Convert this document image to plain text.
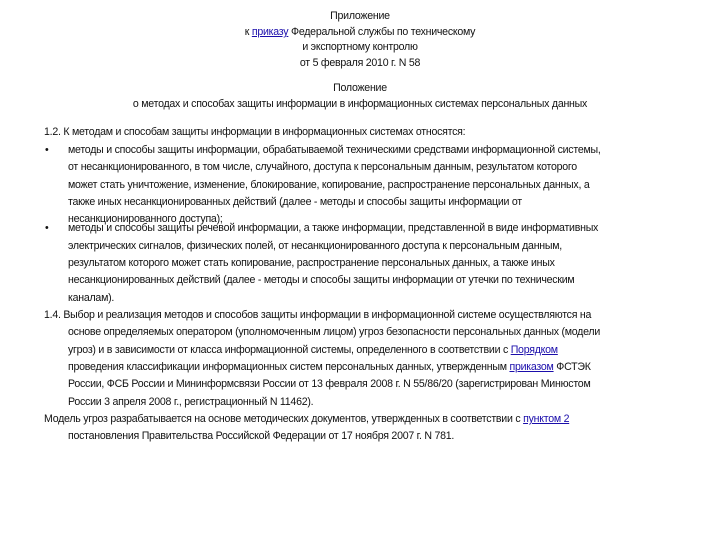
Приложение
к приказу Федеральной службы по техническому
и экспортному контролю
от 5 февраля 2010 г. N 58
Положение
о методах и способах защиты информации в информационных системах персональных данных
1.2. К методам и способам защиты информации в информационных системах относятся:
• методы и способы защиты информации, обрабатываемой техническими средствами информационной системы,
от несанкционированного, в том числе, случайного, доступа к персональным данным, результатом которого
может стать уничтожение, изменение, блокирование, копирование, распространение персональных данных, а
также иных несанкционированных действий (далее - методы и способы защиты информации от
несанкционированного доступа);
• методы и способы защиты речевой информации, а также информации, представленной в виде информативных
электрических сигналов, физических полей, от несанкционированного доступа к персональным данным,
результатом которого может стать копирование, распространение персональных данных, а также иных
несанкционированных действий (далее - методы и способы защиты информации от утечки по техническим
каналам).
1.4. Выбор и реализация методов и способов защиты информации в информационной системе осуществляются на
основе определяемых оператором (уполномоченным лицом) угроз безопасности персональных данных (модели
угроз) и в зависимости от класса информационной системы, определенного в соответствии с Порядком
проведения классификации информационных систем персональных данных, утвержденным приказом ФСТЭК
России, ФСБ России и Мининформсвязи России от 13 февраля 2008 г. N 55/86/20 (зарегистрирован Минюстом
России 3 апреля 2008 г., регистрационный N 11462).
Модель угроз разрабатывается на основе методических документов, утвержденных в соответствии с пунктом 2
постановления Правительства Российской Федерации от 17 ноября 2007 г. N 781.
